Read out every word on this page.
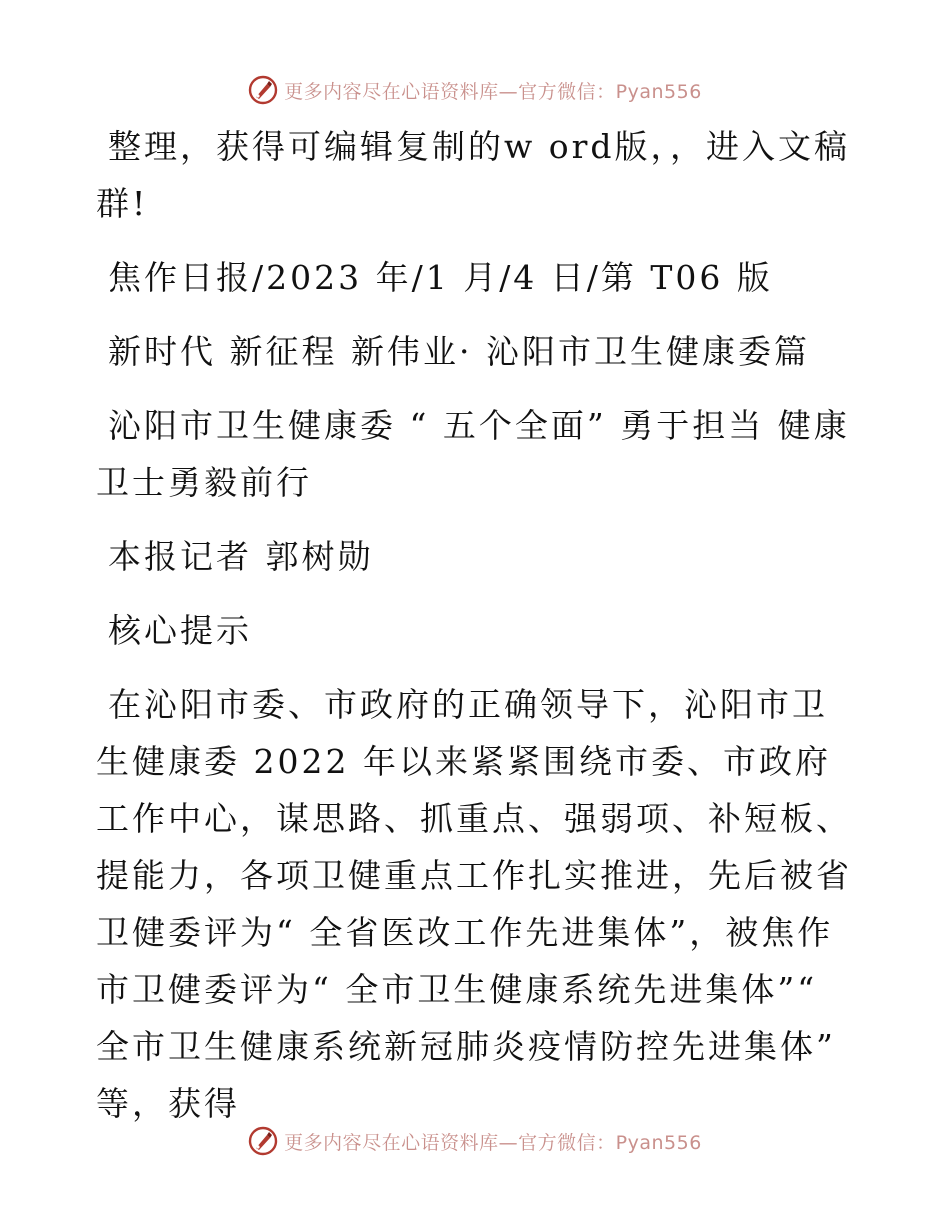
更多内容尽在心语资料库—官方微信：Pyan556

整理，获得可编辑复制的w ord版，，进入文稿群!

焦作日报/2023 年/1 月/4 日/第 T06 版

新时代 新征程 新伟业· 沁阳市卫生健康委篇

沁阳市卫生健康委 “ 五个全面” 勇于担当 健康卫士勇毅前行

本报记者 郭树勋

核心提示

在沁阳市委、市政府的正确领导下，沁阳市卫生健康委 2022 年以来紧紧围绕市委、市政府工作中心，谋思路、抓重点、强弱项、补短板、提能力，各项卫健重点工作扎实推进，先后被省卫健委评为“ 全省医改工作先进集体”，被焦作市卫健委评为“ 全市卫生健康系统先进集体”“ 全市卫生健康系统新冠肺炎疫情防控先进集体” 等，获得

更多内容尽在心语资料库—官方微信：Pyan556
